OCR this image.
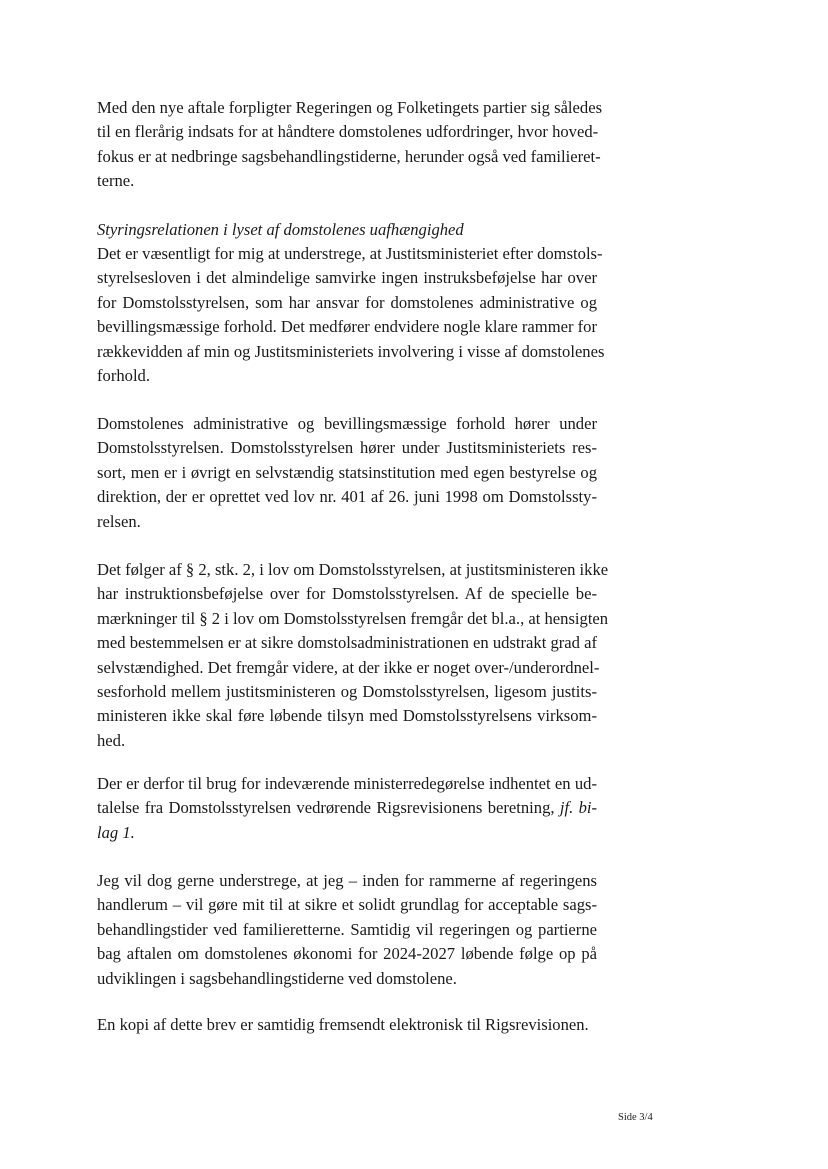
Med den nye aftale forpligter Regeringen og Folketingets partier sig således
til en flerårig indsats for at håndtere domstolenes udfordringer, hvor hoved-
fokus er at nedbringe sagsbehandlingstiderne, herunder også ved familieret-
terne.
Styringsrelationen i lyset af domstolenes uafhængighed
Det er væsentligt for mig at understrege, at Justitsministeriet efter domstols-
styrelsesloven i det almindelige samvirke ingen instruksbeføjelse har over
for Domstolsstyrelsen, som har ansvar for domstolenes administrative og
bevillingsmæssige forhold. Det medfører endvidere nogle klare rammer for
rækkevidden af min og Justitsministeriets involvering i visse af domstolenes
forhold.
Domstolenes administrative og bevillingsmæssige forhold hører under
Domstolsstyrelsen. Domstolsstyrelsen hører under Justitsministeriets res-
sort, men er i øvrigt en selvstændig statsinstitution med egen bestyrelse og
direktion, der er oprettet ved lov nr. 401 af 26. juni 1998 om Domstolssty-
relsen.
Det følger af § 2, stk. 2, i lov om Domstolsstyrelsen, at justitsministeren ikke
har instruktionsbeføjelse over for Domstolsstyrelsen. Af de specielle be-
mærkninger til § 2 i lov om Domstolsstyrelsen fremgår det bl.a., at hensigten
med bestemmelsen er at sikre domstolsadministrationen en udstrakt grad af
selvstændighed. Det fremgår videre, at der ikke er noget over-/underordnel-
sesforhold mellem justitsministeren og Domstolsstyrelsen, ligesom justits-
ministeren ikke skal føre løbende tilsyn med Domstolsstyrelsens virksom-
hed.
Der er derfor til brug for indeværende ministerredegørelse indhentet en ud-
talelse fra Domstolsstyrelsen vedrørende Rigsrevisionens beretning, jf. bi-
lag 1.
Jeg vil dog gerne understrege, at jeg – inden for rammerne af regeringens
handlerum – vil gøre mit til at sikre et solidt grundlag for acceptable sags-
behandlingstider ved familieretterne. Samtidig vil regeringen og partierne
bag aftalen om domstolenes økonomi for 2024-2027 løbende følge op på
udviklingen i sagsbehandlingstiderne ved domstolene.
En kopi af dette brev er samtidig fremsendt elektronisk til Rigsrevisionen.
Side 3/4
